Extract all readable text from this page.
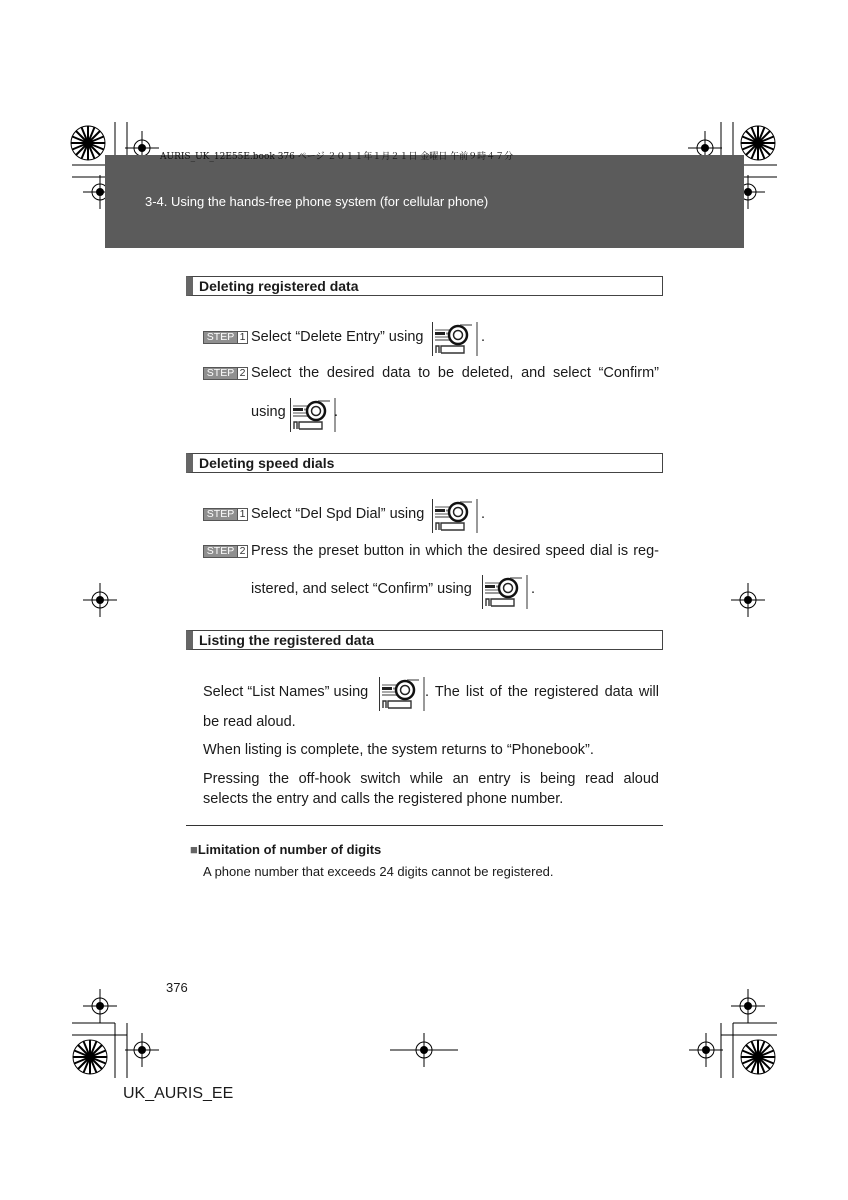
AURIS_UK_12E55E.book 376 ページ ２０１１年１月２１日 金曜日 午前９時４７分
3-4. Using the hands-free phone system (for cellular phone)
Deleting registered data
STEP 1 Select “Delete Entry” using	.
STEP 2 Select the desired data to be deleted, and select “Confirm”
using	.
Deleting speed dials
STEP 1 Select “Del Spd Dial” using	.
STEP 2 Press the preset button in which the desired speed dial is reg-
istered, and select “Confirm” using	.
Listing the registered data
Select “List Names” using	. The list of the registered data will
be read aloud.
When listing is complete, the system returns to “Phonebook”.
Pressing the off-hook switch while an entry is being read aloud
selects the entry and calls the registered phone number.
■Limitation of number of digits
A phone number that exceeds 24 digits cannot be registered.
376
UK_AURIS_EE
